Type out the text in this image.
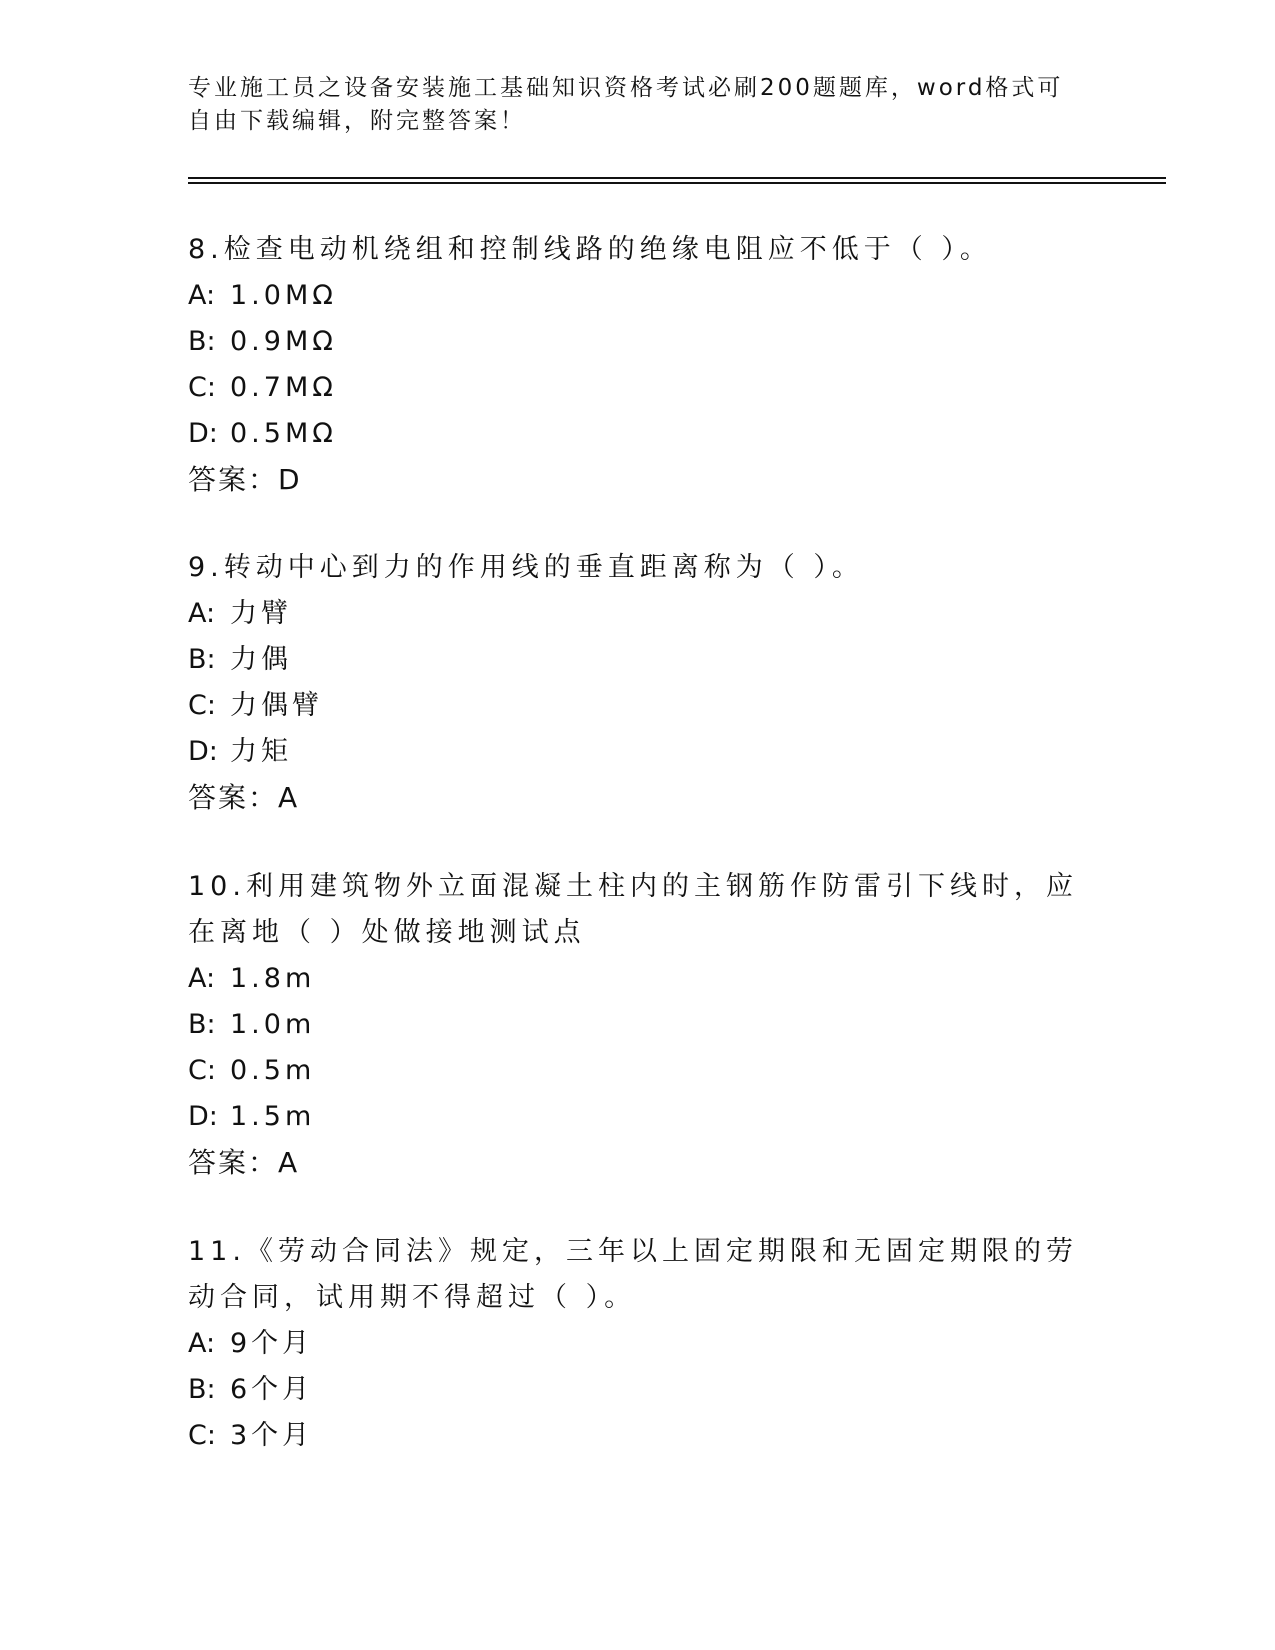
专业施工员之设备安装施工基础知识资格考试必刷200题题库，word格式可自由下载编辑，附完整答案！
8.检查电动机绕组和控制线路的绝缘电阻应不低于（ ）。
A: 1.0MΩ
B: 0.9MΩ
C: 0.7MΩ
D: 0.5MΩ
答案：D
9.转动中心到力的作用线的垂直距离称为（ ）。
A: 力臂
B: 力偶
C: 力偶臂
D: 力矩
答案：A
10.利用建筑物外立面混凝土柱内的主钢筋作防雷引下线时，应在离地（ ）处做接地测试点
A: 1.8m
B: 1.0m
C: 0.5m
D: 1.5m
答案：A
11.《劳动合同法》规定，三年以上固定期限和无固定期限的劳动合同，试用期不得超过（ ）。
A: 9个月
B: 6个月
C: 3个月
